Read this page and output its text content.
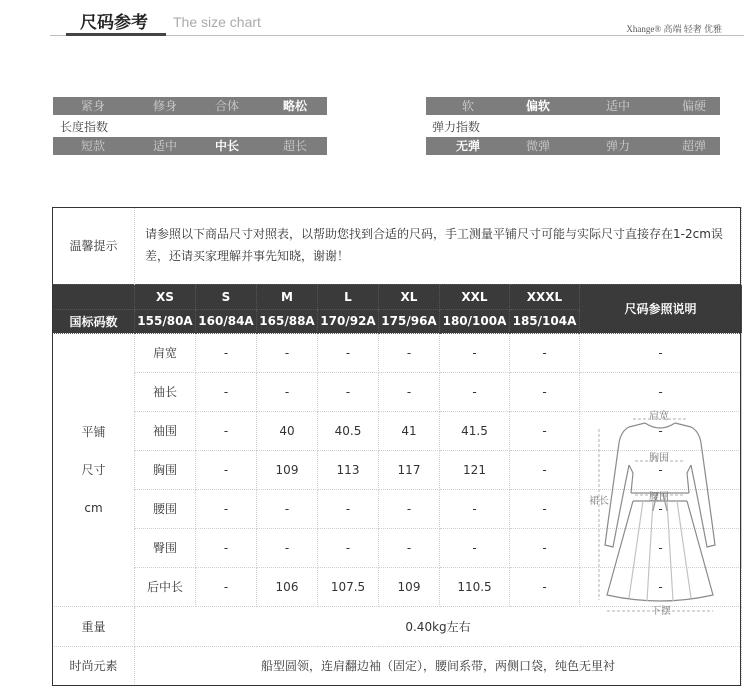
尺码参考 The size chart	Xhange® 高端 轻奢 优雅
紧身	修身	合体	略松
长度指数
短款	适中	中长	超长
软	偏软	适中	偏硬
弹力指数
无弹	微弹	弹力	超弹
温馨提示	请参照以下商品尺寸对照表，以帮助您找到合适的尺码，手工测量平铺尺寸可能与实际尺寸直接存在1-2cm误差，还请买家理解并事先知晓，谢谢！								
	XS	S	M	L	XL	XXL	XXXL	尺码参照说明	
国标码数	155/80A	160/84A	165/88A	170/92A	175/96A	180/100A	185/104A		

平铺
尺寸
cm	肩宽	-	-	-	-	-	-	-	
	袖长	-	-	-	-	-	-	-	
	袖围	-	40	40.5	41	41.5	-	-	
	胸围	-	109	113	117	121	-	-	
	腰围	-	-	-	-	-	-	-	
	臀围	-	-	-	-	-	-	-	
	后中长	-	106	107.5	109	110.5	-	-	
重量	0.40kg左右								
时尚元素	船型圆领，连肩翻边袖（固定），腰间系带，两侧口袋，纯色无里衬								
肩宽
胸围
腰围
裙长
下摆
